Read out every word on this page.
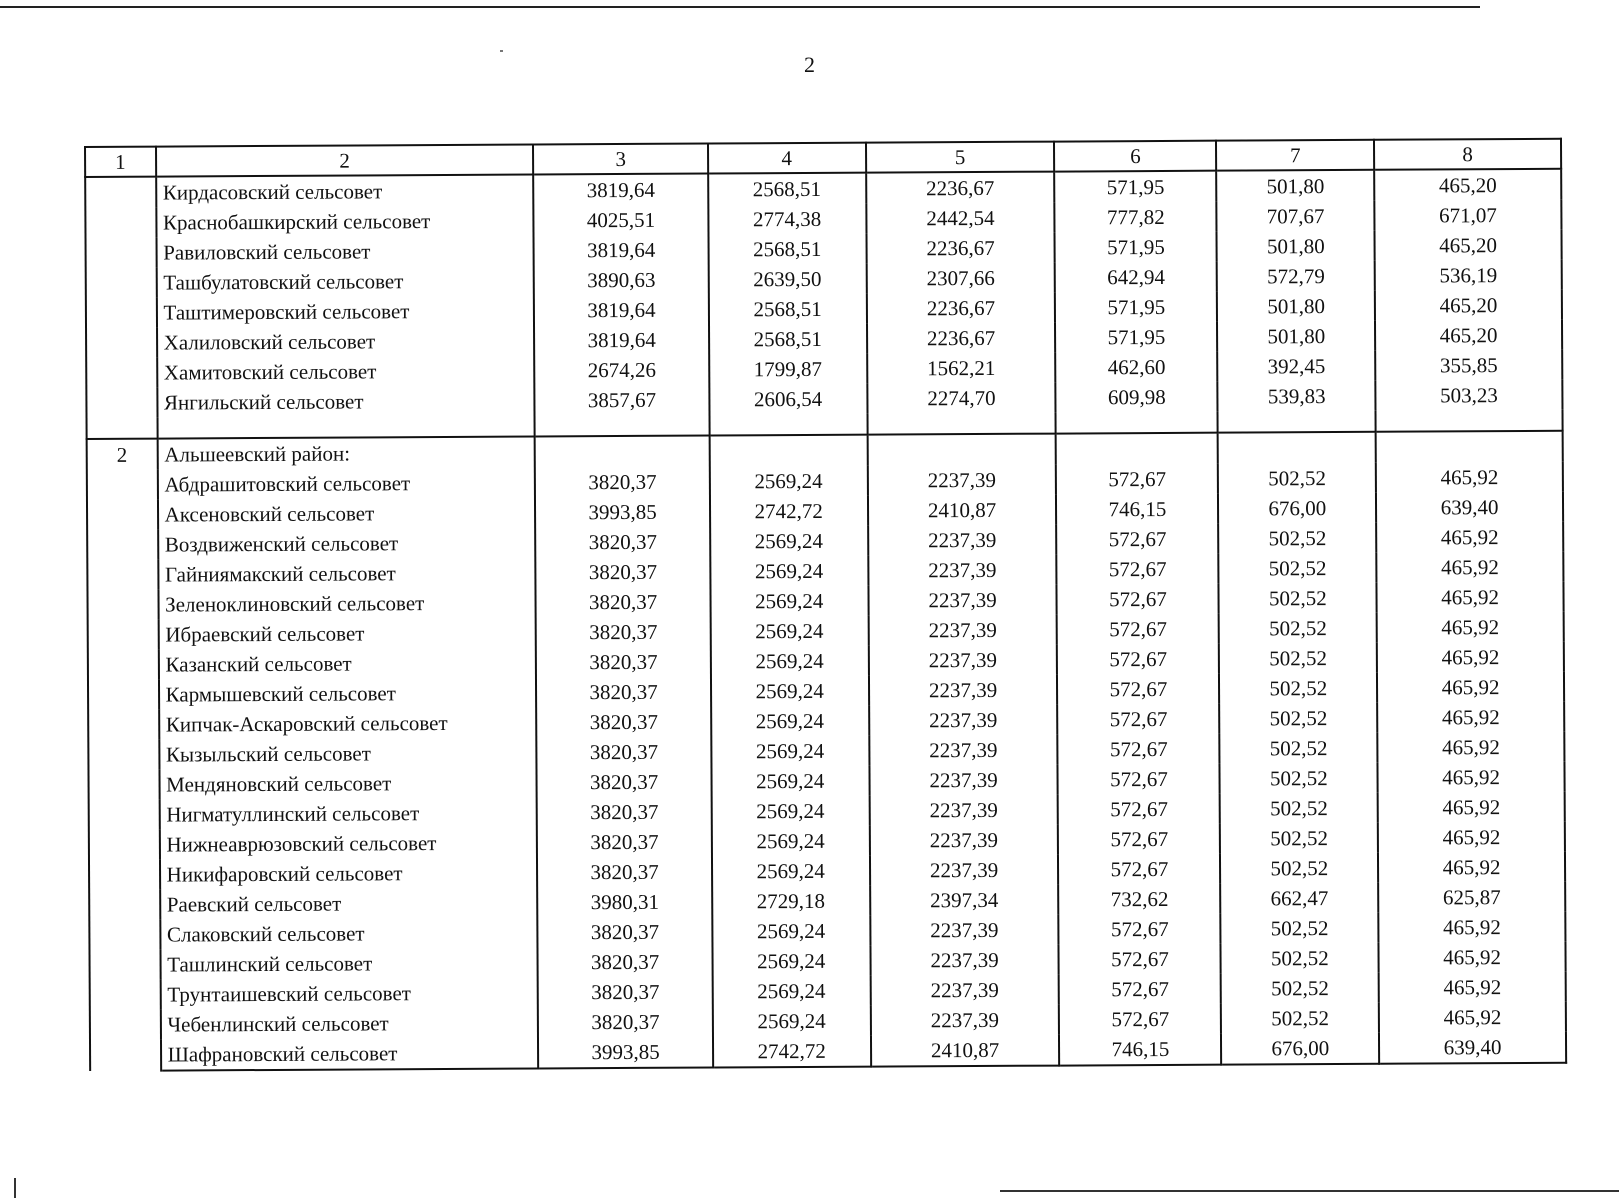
2
1	2	3	4	5	6	7	8
	Кирдасовский сельсовет	3819,64	2568,51	2236,67	571,95	501,80	465,20
	Краснобашкирский сельсовет	4025,51	2774,38	2442,54	777,82	707,67	671,07
	Равиловский сельсовет	3819,64	2568,51	2236,67	571,95	501,80	465,20
	Ташбулатовский сельсовет	3890,63	2639,50	2307,66	642,94	572,79	536,19
	Таштимеровский сельсовет	3819,64	2568,51	2236,67	571,95	501,80	465,20
	Халиловский сельсовет	3819,64	2568,51	2236,67	571,95	501,80	465,20
	Хамитовский сельсовет	2674,26	1799,87	1562,21	462,60	392,45	355,85
	Янгильский сельсовет	3857,67	2606,54	2274,70	609,98	539,83	503,23

2	Альшеевский район:						
	Абдрашитовский сельсовет	3820,37	2569,24	2237,39	572,67	502,52	465,92
	Аксеновский сельсовет	3993,85	2742,72	2410,87	746,15	676,00	639,40
	Воздвиженский сельсовет	3820,37	2569,24	2237,39	572,67	502,52	465,92
	Гайниямакский сельсовет	3820,37	2569,24	2237,39	572,67	502,52	465,92
	Зеленоклиновский сельсовет	3820,37	2569,24	2237,39	572,67	502,52	465,92
	Ибраевский сельсовет	3820,37	2569,24	2237,39	572,67	502,52	465,92
	Казанский сельсовет	3820,37	2569,24	2237,39	572,67	502,52	465,92
	Кармышевский сельсовет	3820,37	2569,24	2237,39	572,67	502,52	465,92
	Кипчак-Аскаровский сельсовет	3820,37	2569,24	2237,39	572,67	502,52	465,92
	Кызыльский сельсовет	3820,37	2569,24	2237,39	572,67	502,52	465,92
	Мендяновский сельсовет	3820,37	2569,24	2237,39	572,67	502,52	465,92
	Нигматуллинский сельсовет	3820,37	2569,24	2237,39	572,67	502,52	465,92
	Нижнеаврюзовский сельсовет	3820,37	2569,24	2237,39	572,67	502,52	465,92
	Никифаровский сельсовет	3820,37	2569,24	2237,39	572,67	502,52	465,92
	Раевский сельсовет	3980,31	2729,18	2397,34	732,62	662,47	625,87
	Слаковский сельсовет	3820,37	2569,24	2237,39	572,67	502,52	465,92
	Ташлинский сельсовет	3820,37	2569,24	2237,39	572,67	502,52	465,92
	Трунтаишевский сельсовет	3820,37	2569,24	2237,39	572,67	502,52	465,92
	Чебенлинский сельсовет	3820,37	2569,24	2237,39	572,67	502,52	465,92
	Шафрановский сельсовет	3993,85	2742,72	2410,87	746,15	676,00	639,40
